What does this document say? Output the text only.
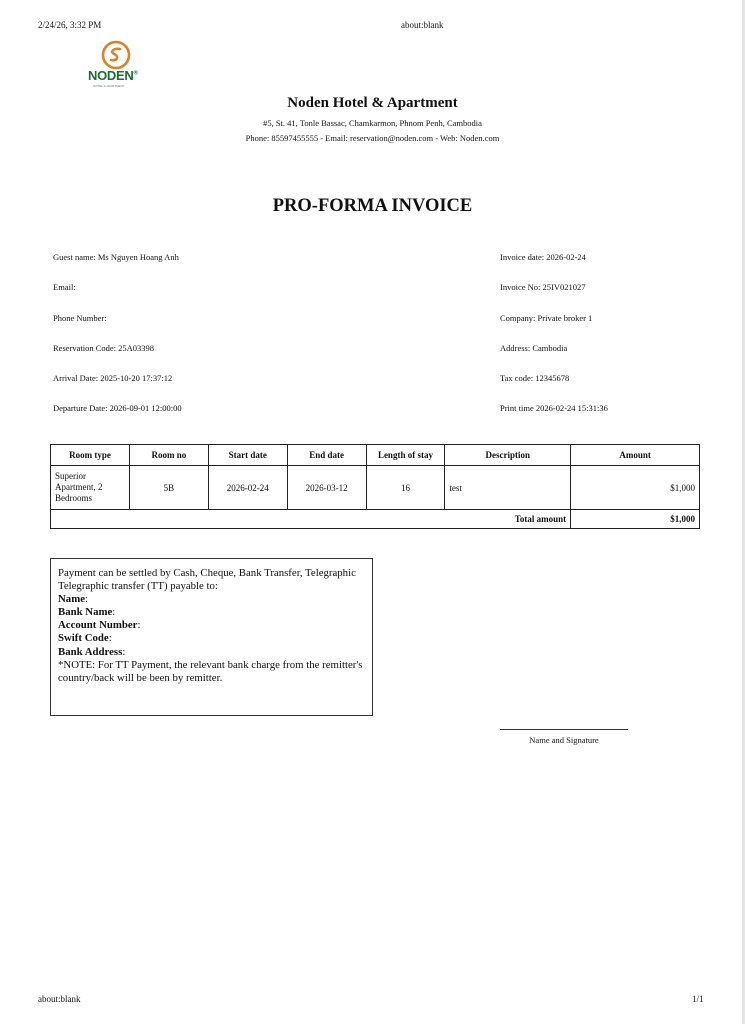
2/24/26, 3:32 PM	about:blank
NODEN®
HOTEL & APARTMENT
Noden Hotel & Apartment
#5, St. 41, Tonle Bassac, Chamkarmon, Phnom Penh, Cambodia
Phone: 85597455555 - Email: reservation@noden.com - Web: Noden.com
PRO-FORMA INVOICE
Guest name: Ms Nguyen Hoang Anh
Email:
Phone Number:
Reservation Code: 25A03398
Arrival Date: 2025-10-20 17:37:12
Departure Date: 2026-09-01 12:00:00
Invoice date: 2026-02-24
Invoice No: 25IV021027
Company: Private broker 1
Address: Cambodia
Tax code: 12345678
Print time 2026-02-24 15:31:36
Room type	Room no	Start date	End date	Length of stay	Description	Amount
Superior Apartment, 2 Bedrooms	5B	2026-02-24	2026-03-12	16	test	$1,000
Total amount						$1,000
Payment can be settled by Cash, Cheque, Bank Transfer, Telegraphic
Telegraphic transfer (TT) payable to:
Name:
Bank Name:
Account Number:
Swift Code:
Bank Address:
*NOTE: For TT Payment, the relevant bank charge from the remitter's country/back will be been by remitter.
Name and Signature
about:blank	1/1
